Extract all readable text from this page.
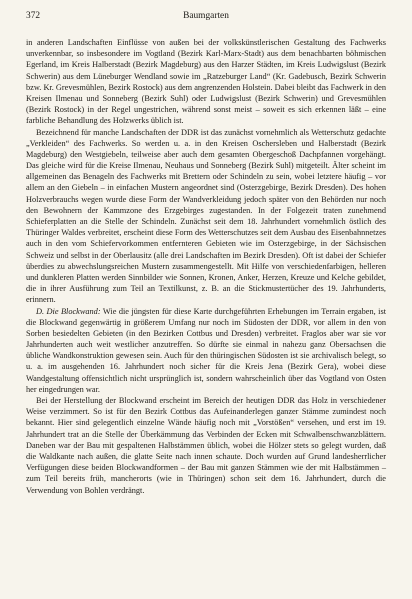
372	Baumgarten

in anderen Landschaften Einflüsse von außen bei der volkskünstlerischen Gestaltung des Fachwerks unverkennbar, so insbesondere im Vogtland (Bezirk Karl-Marx-Stadt) aus dem benachbarten böhmischen Egerland, im Kreis Halberstadt (Bezirk Magdeburg) aus den Harzer Städten, im Kreis Ludwigslust (Bezirk Schwerin) aus dem Lüneburger Wendland sowie im „Ratzeburger Land“ (Kr. Gadebusch, Bezirk Schwerin bzw. Kr. Grevesmühlen, Bezirk Rostock) aus dem angrenzenden Holstein. Dabei bleibt das Fachwerk in den Kreisen Ilmenau und Sonneberg (Bezirk Suhl) oder Ludwigslust (Bezirk Schwerin) und Grevesmühlen (Bezirk Rostock) in der Regel ungestrichen, während sonst meist – soweit es sich erkennen läßt – eine farbliche Behandlung des Holzwerks üblich ist.

Bezeichnend für manche Landschaften der DDR ist das zunächst vornehmlich als Wetterschutz gedachte „Verkleiden“ des Fachwerks. So werden u. a. in den Kreisen Oschersleben und Halberstadt (Bezirk Magdeburg) den Westgiebeln, teilweise aber auch dem gesamten Obergeschoß Dachpfannen vorgehängt. Das gleiche wird für die Kreise Ilmenau, Neuhaus und Sonneberg (Bezirk Suhl) mitgeteilt. Älter scheint im allgemeinen das Benageln des Fachwerks mit Brettern oder Schindeln zu sein, wobei letztere häufig – vor allem an den Giebeln – in einfachen Mustern angeordnet sind (Osterzgebirge, Bezirk Dresden). Des hohen Holzverbrauchs wegen wurde diese Form der Wandverkleidung jedoch später von den Behörden nur noch den Bewohnern der Kammzone des Erzgebirges zugestanden. In der Folgezeit traten zunehmend Schieferplatten an die Stelle der Schindeln. Zunächst seit dem 18. Jahrhundert vornehmlich östlich des Thüringer Waldes verbreitet, erscheint diese Form des Wetterschutzes seit dem Ausbau des Eisenbahnnetzes auch in den vom Schiefervorkommen entfernteren Gebieten wie im Osterzgebirge, in der Sächsischen Schweiz und selbst in der Oberlausitz (alle drei Landschaften im Bezirk Dresden). Oft ist dabei der Schiefer überdies zu abwechslungsreichen Mustern zusammengestellt. Mit Hilfe von verschiedenfarbigen, helleren und dunkleren Platten werden Sinnbilder wie Sonnen, Kronen, Anker, Herzen, Kreuze und Kelche gebildet, die in ihrer Ausführung zum Teil an Textilkunst, z. B. an die Stickmustertücher des 19. Jahrhunderts, erinnern.

D. Die Blockwand: Wie die jüngsten für diese Karte durchgeführten Erhebungen im Terrain ergaben, ist die Blockwand gegenwärtig in größerem Umfang nur noch im Südosten der DDR, vor allem in den von Sorben besiedelten Gebieten (in den Bezirken Cottbus und Dresden) verbreitet. Fraglos aber war sie vor Jahrhunderten auch weit westlicher anzutreffen. So dürfte sie einmal in nahezu ganz Obersachsen die übliche Wandkonstruktion gewesen sein. Auch für den thüringischen Südosten ist sie archivalisch belegt, so u. a. im ausgehenden 16. Jahrhundert noch sicher für die Kreis Jena (Bezirk Gera), wobei diese Wandgestaltung offensichtlich nicht ursprünglich ist, sondern wahrscheinlich über das Vogtland von Osten her eingedrungen war.

Bei der Herstellung der Blockwand erscheint im Bereich der heutigen DDR das Holz in verschiedener Weise verzimmert. So ist für den Bezirk Cottbus das Aufeinanderlegen ganzer Stämme zumindest noch bekannt. Hier sind gelegentlich einzelne Wände häufig noch mit „Vorstößen“ versehen, und erst im 19. Jahrhundert trat an die Stelle der Überkämmung das Verbinden der Ecken mit Schwalbenschwanzblättern. Daneben war der Bau mit gespaltenen Halbstämmen üblich, wobei die Hölzer stets so gelegt wurden, daß die Waldkante nach außen, die glatte Seite nach innen schaute. Doch wurden auf Grund landesherrlicher Verfügungen diese beiden Blockwandformen – der Bau mit ganzen Stämmen wie der mit Halbstämmen – zum Teil bereits früh, mancherorts (wie in Thüringen) schon seit dem 16. Jahrhundert, durch die Verwendung von Bohlen verdrängt.
